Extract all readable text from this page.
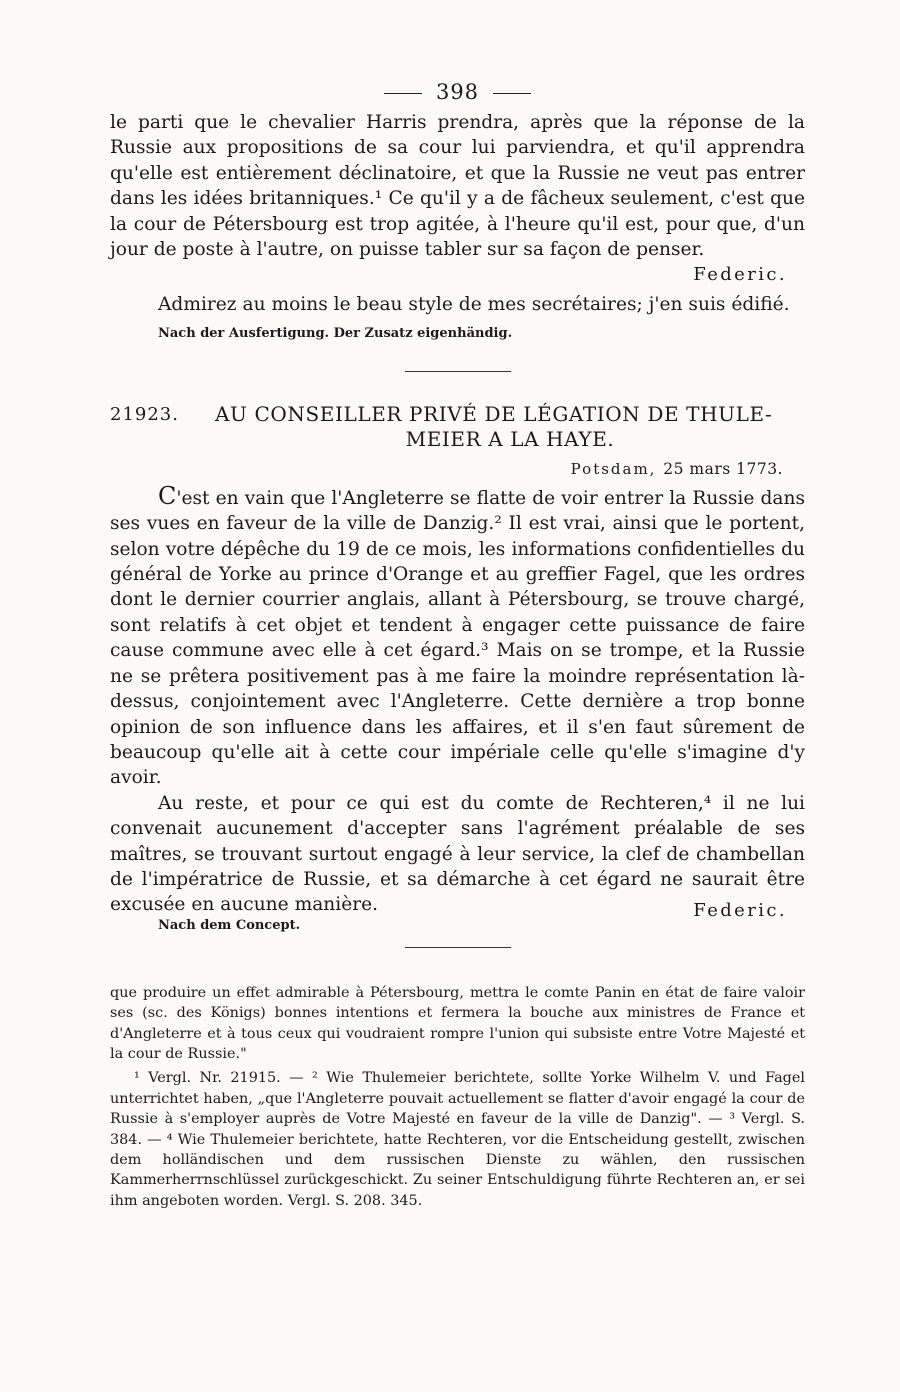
398

le parti que le chevalier Harris prendra, après que la réponse de la Russie aux propositions de sa cour lui parviendra, et qu'il apprendra qu'elle est entièrement déclinatoire, et que la Russie ne veut pas entrer dans les idées britanniques.¹ Ce qu'il y a de fâcheux seulement, c'est que la cour de Pétersbourg est trop agitée, à l'heure qu'il est, pour que, d'un jour de poste à l'autre, on puisse tabler sur sa façon de penser.

Federic.

Admirez au moins le beau style de mes secrétaires; j'en suis édifié.

Nach der Ausfertigung. Der Zusatz eigenhändig.
21923.	AU CONSEILLER PRIVÉ DE LÉGATION DE THULE-
MEIER A LA HAYE.
Potsdam, 25 mars 1773.

C'est en vain que l'Angleterre se flatte de voir entrer la Russie dans ses vues en faveur de la ville de Danzig.² Il est vrai, ainsi que le portent, selon votre dépêche du 19 de ce mois, les informations confidentielles du général de Yorke au prince d'Orange et au greffier Fagel, que les ordres dont le dernier courrier anglais, allant à Pétersbourg, se trouve chargé, sont relatifs à cet objet et tendent à engager cette puissance de faire cause commune avec elle à cet égard.³ Mais on se trompe, et la Russie ne se prêtera positivement pas à me faire la moindre représentation là-dessus, conjointement avec l'Angleterre. Cette dernière a trop bonne opinion de son influence dans les affaires, et il s'en faut sûrement de beaucoup qu'elle ait à cette cour impériale celle qu'elle s'imagine d'y avoir.

Au reste, et pour ce qui est du comte de Rechteren,⁴ il ne lui convenait aucunement d'accepter sans l'agrément préalable de ses maîtres, se trouvant surtout engagé à leur service, la clef de chambellan de l'impératrice de Russie, et sa démarche à cet égard ne saurait être excusée en aucune manière.	Federic.
Nach dem Concept.

que produire un effet admirable à Pétersbourg, mettra le comte Panin en état de faire valoir ses (sc. des Königs) bonnes intentions et fermera la bouche aux ministres de France et d'Angleterre et à tous ceux qui voudraient rompre l'union qui subsiste entre Votre Majesté et la cour de Russie."

¹ Vergl. Nr. 21915. — ² Wie Thulemeier berichtete, sollte Yorke Wilhelm V. und Fagel unterrichtet haben, „que l'Angleterre pouvait actuellement se flatter d'avoir engagé la cour de Russie à s'employer auprès de Votre Majesté en faveur de la ville de Danzig". — ³ Vergl. S. 384. — ⁴ Wie Thulemeier berichtete, hatte Rechteren, vor die Entscheidung gestellt, zwischen dem holländischen und dem russischen Dienste zu wählen, den russischen Kammerherrnschlüssel zurückgeschickt. Zu seiner Entschuldigung führte Rechteren an, er sei ihm angeboten worden. Vergl. S. 208. 345.
